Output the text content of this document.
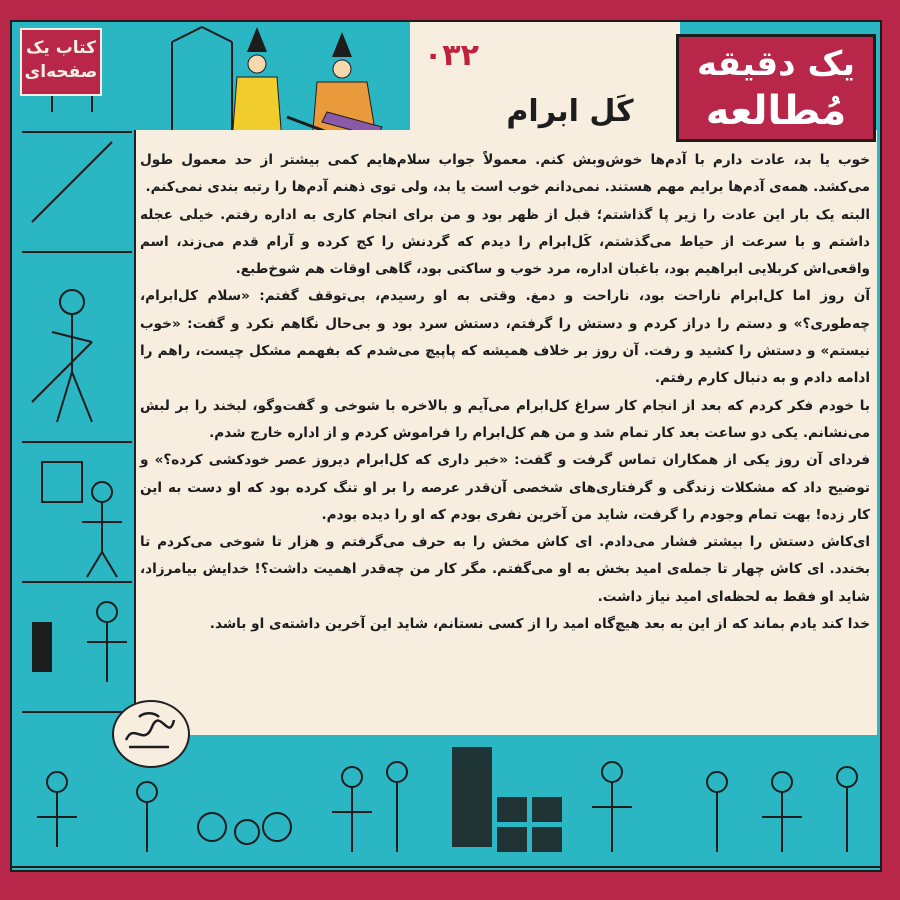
کتاب یک
صفحه‌ای	یک دقیقه
مُطالعه
۰۳۲
کَل ابرام

خوب یا بد، عادت دارم با آدم‌ها خوش‌وبش کنم. معمولاً جواب سلام‌هایم کمی بیشتر از حد معمول طول می‌کشد. همه‌ی آدم‌ها برایم مهم هستند. نمی‌دانم خوب است یا بد، ولی توی ذهنم آدم‌ها را رتبه بندی نمی‌کنم.

البته یک بار این عادت را زیر پا گذاشتم؛ قبل از ظهر بود و من برای انجام کاری به اداره رفتم. خیلی عجله داشتم و با سرعت از حیاط می‌گذشتم، کَل‌ابرام را دیدم که گردنش را کج کرده و آرام قدم می‌زند، اسم واقعی‌اش کربلایی ابراهیم بود، باغبان اداره، مرد خوب و ساکتی بود، گاهی اوقات هم شوخ‌طبع.

آن روز اما کل‌ابرام ناراحت بود، ناراحت و دمغ. وقتی به او رسیدم، بی‌توقف گفتم: «سلام کل‌ابرام، چه‌طوری؟» و دستم را دراز کردم و دستش را گرفتم، دستش سرد بود و بی‌حال نگاهم نکرد و گفت: «خوب نیستم» و دستش را کشید و رفت. آن روز بر خلاف همیشه که پاپیچ می‌شدم که بفهمم مشکل چیست، راهم را ادامه دادم و به دنبال کارم رفتم.

با خودم فکر کردم که بعد از انجام کار سراغ کل‌ابرام می‌آیم و بالاخره با شوخی و گفت‌وگو، لبخند را بر لبش می‌نشانم. یکی دو ساعت بعد کار تمام شد و من هم کل‌ابرام را فراموش کردم و از اداره خارج شدم.

فردای آن روز یکی از همکاران تماس گرفت و گفت: «خبر داری که کل‌ابرام دیروز عصر خودکشی کرده؟» و توضیح داد که مشکلات زندگی و گرفتاری‌های شخصی آن‌قدر عرصه را بر او تنگ کرده بود که او دست به این کار زده! بهت تمام وجودم را گرفت، شاید من آخرین نفری بودم که او را دیده بودم.

ای‌کاش دستش را بیشتر فشار می‌دادم. ای کاش مخش را به حرف می‌گرفتم و هزار تا شوخی می‌کردم تا بخندد. ای کاش چهار تا جمله‌ی امید بخش به او می‌گفتم. مگر کار من چه‌قدر اهمیت داشت؟! خدایش بیامرزاد، شاید او فقط به لحظه‌ای امید نیاز داشت.

خدا کند یادم بماند که از این به بعد هیچ‌گاه امید را از کسی نستانم، شاید این آخرین داشته‌ی او باشد.
